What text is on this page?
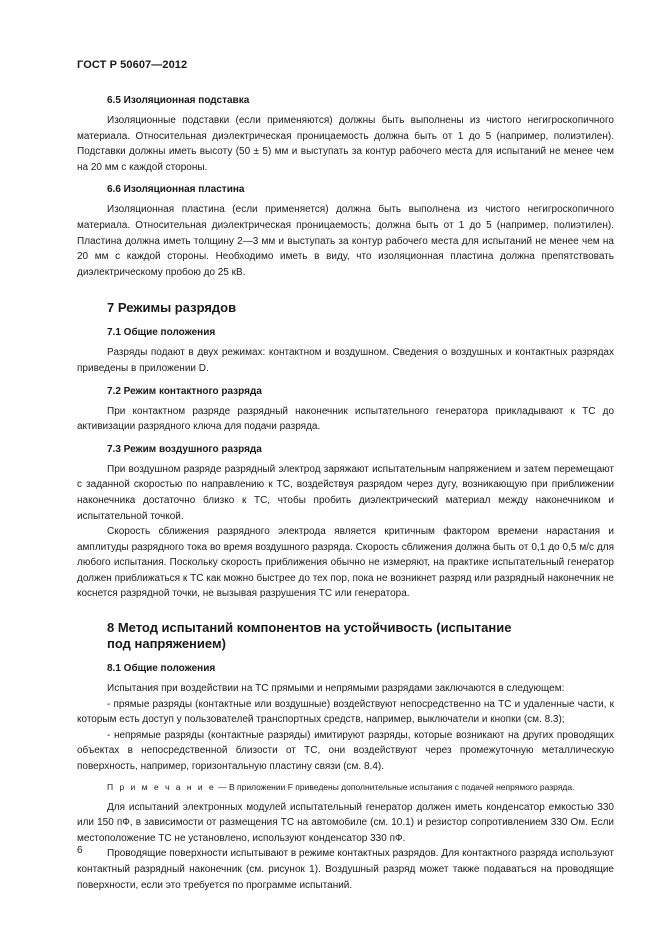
ГОСТ Р 50607—2012
6.5 Изоляционная подставка

Изоляционные подставки (если применяются) должны быть выполнены из чистого негигроскопичного материала. Относительная диэлектрическая проницаемость должна быть от 1 до 5 (например, полиэтилен). Подставки должны иметь высоту (50 ± 5) мм и выступать за контур рабочего места для испытаний не менее чем на 20 мм с каждой стороны.

6.6 Изоляционная пластина

Изоляционная пластина (если применяется) должна быть выполнена из чистого негигроскопичного материала. Относительная диэлектрическая проницаемость; должна быть от 1 до 5 (например, полиэтилен). Пластина должна иметь толщину 2—3 мм и выступать за контур рабочего места для испытаний не менее чем на 20 мм с каждой стороны. Необходимо иметь в виду, что изоляционная пластина должна препятствовать диэлектрическому пробою до 25 кВ.

7 Режимы разрядов
7.1 Общие положения

Разряды подают в двух режимах: контактном и воздушном. Сведения о воздушных и контактных разрядах приведены в приложении D.

7.2 Режим контактного разряда

При контактном разряде разрядный наконечник испытательного генератора прикладывают к ТС до активизации разрядного ключа для подачи разряда.

7.3 Режим воздушного разряда

При воздушном разряде разрядный электрод заряжают испытательным напряжением и затем перемещают с заданной скоростью по направлению к ТС, воздействуя разрядом через дугу, возникающую при приближении наконечника достаточно близко к ТС, чтобы пробить диэлектрический материал между наконечником и испытательной точкой.

Скорость сближения разрядного электрода является критичным фактором времени нарастания и амплитуды разрядного тока во время воздушного разряда. Скорость сближения должна быть от 0,1 до 0,5 м/с для любого испытания. Поскольку скорость приближения обычно не измеряют, на практике испытательный генератор должен приближаться к ТС как можно быстрее до тех пор, пока не возникнет разряд или разрядный наконечник не коснется разрядной точки, не вызывая разрушения ТС или генератора.

8 Метод испытаний компонентов на устойчивость (испытание
под напряжением)
8.1 Общие положения

Испытания при воздействии на ТС прямыми и непрямыми разрядами заключаются в следующем:

- прямые разряды (контактные или воздушные) воздействуют непосредственно на ТС и удаленные части, к которым есть доступ у пользователей транспортных средств, например, выключатели и кнопки (см. 8.3);

- непрямые разряды (контактные разряды) имитируют разряды, которые возникают на других проводящих объектах в непосредственной близости от ТС, они воздействуют через промежуточную металлическую поверхность, например, горизонтальную пластину связи (см. 8.4).

П р и м е ч а н и е — В приложении F приведены дополнительные испытания с подачей непрямого разряда.

Для испытаний электронных модулей испытательный генератор должен иметь конденсатор емкостью 330 или 150 пФ, в зависимости от размещения ТС на автомобиле (см. 10.1) и резистор сопротивлением 330 Ом. Если местоположение ТС не установлено, используют конденсатор 330 пФ.

Проводящие поверхности испытывают в режиме контактных разрядов. Для контактного разряда используют контактный разрядный наконечник (см. рисунок 1). Воздушный разряд может также подаваться на проводящие поверхности, если это требуется по программе испытаний.

6
